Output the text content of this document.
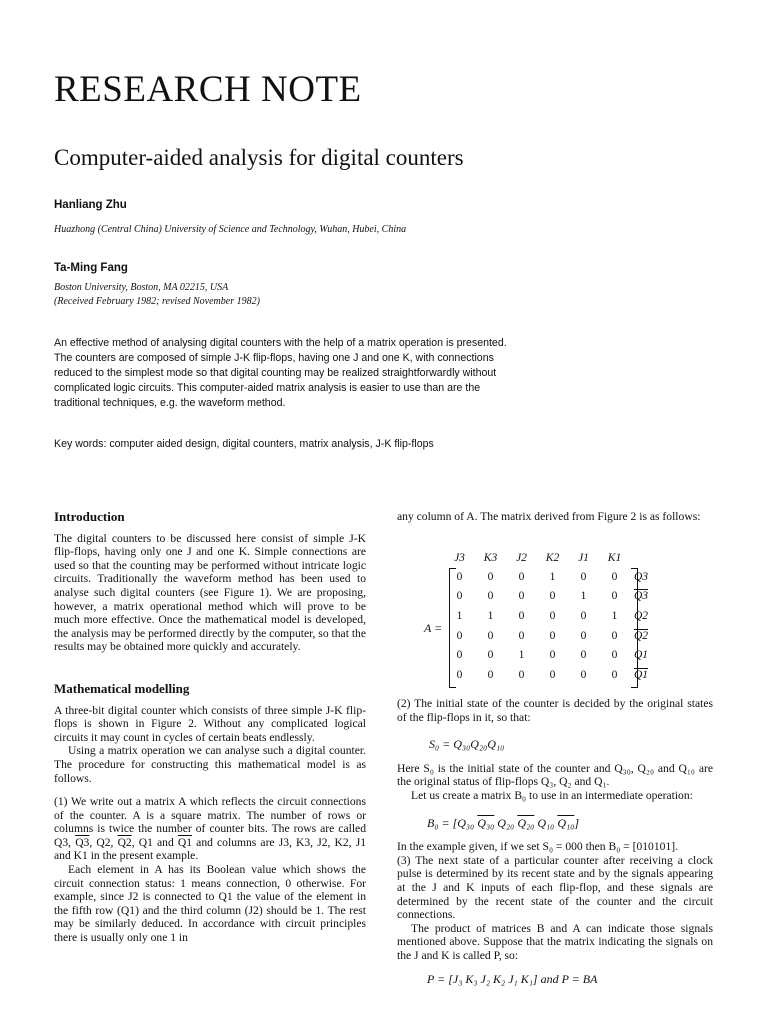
RESEARCH NOTE
Computer-aided analysis for digital counters
Hanliang Zhu
Huazhong (Central China) University of Science and Technology, Wuhan, Hubei, China
Ta-Ming Fang
Boston University, Boston, MA 02215, USA
(Received February 1982; revised November 1982)
An effective method of analysing digital counters with the help of a matrix operation is presented. The counters are composed of simple J-K flip-flops, having one J and one K, with connections reduced to the simplest mode so that digital counting may be realized straightforwardly without complicated logic circuits. This computer-aided matrix analysis is easier to use than are the traditional techniques, e.g. the waveform method.
Key words: computer aided design, digital counters, matrix analysis, J-K flip-flops
Introduction

The digital counters to be discussed here consist of simple J-K flip-flops, having only one J and one K. Simple connections are used so that the counting may be performed without intricate logic circuits. Traditionally the waveform method has been used to analyse such digital counters (see Figure 1). We are proposing, however, a matrix operational method which will prove to be much more effective. Once the mathematical model is developed, the analysis may be performed directly by the computer, so that the results may be obtained more quickly and accurately.

Mathematical modelling

A three-bit digital counter which consists of three simple J-K flip-flops is shown in Figure 2. Without any complicated logical circuits it may count in cycles of certain beats endlessly.

Using a matrix operation we can analyse such a digital counter. The procedure for constructing this mathematical model is as follows.

(1) We write out a matrix A which reflects the circuit connections of the counter. A is a square matrix. The number of rows or columns is twice the number of counter bits. The rows are called Q3, Q3, Q2, Q2, Q1 and Q1 and columns are J3, K3, J2, K2, J1 and K1 in the present example.

Each element in A has its Boolean value which shows the circuit connection status: 1 means connection, 0 otherwise. For example, since J2 is connected to Q1 the value of the element in the fifth row (Q1) and the third column (J2) should be 1. The rest may be similarly deduced. In accordance with circuit principles there is usually only one 1 in

any column of A. The matrix derived from Figure 2 is as follows:

J3 K3 J2 K2 J1 K1
A =
0	0	0	1	0	0	Q3
0	0	0	0	1	0	Q3
1	1	0	0	0	1	Q2
0	0	0	0	0	0	Q2
0	0	1	0	0	0	Q1
0	0	0	0	0	0	Q1

(2) The initial state of the counter is decided by the original states of the flip-flops in it, so that:

S₀ = Q₃₀Q₂₀Q₁₀

Here S₀ is the initial state of the counter and Q₃₀, Q₂₀ and Q₁₀ are the original status of flip-flops Q₃, Q₂ and Q₁.

Let us create a matrix B₀ to use in an intermediate operation:

B₀ = [Q₃₀ Q₃₀ Q₂₀ Q₂₀ Q₁₀ Q₁₀]

In the example given, if we set S₀ = 000 then B₀ = [010101].

(3) The next state of a particular counter after receiving a clock pulse is determined by its recent state and by the signals appearing at the J and K inputs of each flip-flop, and these signals are determined by the recent state of the counter and the circuit connections.

The product of matrices B and A can indicate those signals mentioned above. Suppose that the matrix indicating the signals on the J and K is called P, so:

P = [J₃ K₃ J₂ K₂ J₁ K₁] and P = BA
